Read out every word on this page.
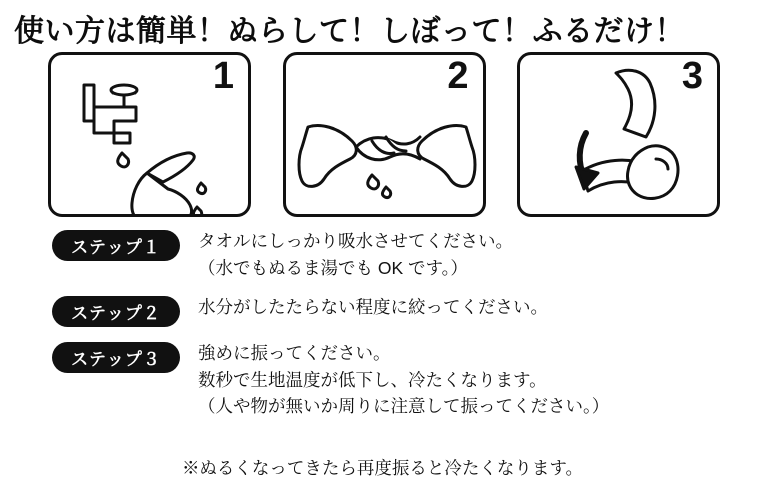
使い方は簡単！ぬらして！しぼって！ふるだけ！
1	2	3
ステップ１	タオルにしっかり吸水させてください。
（水でもぬるま湯でも OK です。）
ステップ２	水分がしたたらない程度に絞ってください。
ステップ３	強めに振ってください。
数秒で生地温度が低下し、冷たくなります。
（人や物が無いか周りに注意して振ってください。）
※ぬるくなってきたら再度振ると冷たくなります。
